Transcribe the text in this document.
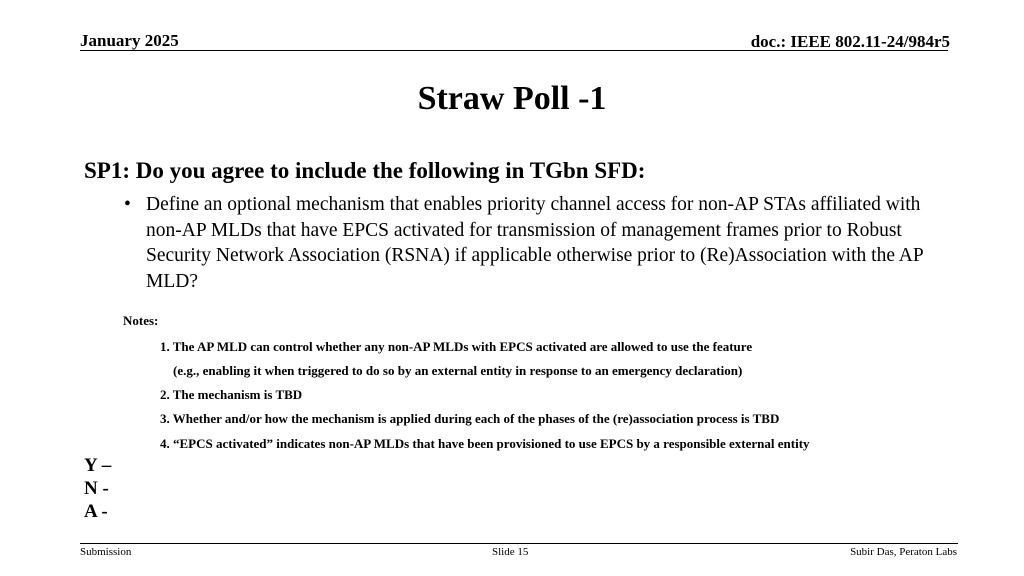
January 2025	doc.: IEEE 802.11-24/984r5
Straw Poll -1
SP1: Do you agree to include the following in TGbn SFD:
• Define an optional mechanism that enables priority channel access for non-AP STAs affiliated with non-AP MLDs that have EPCS activated for transmission of management frames prior to Robust Security Network Association (RSNA) if applicable otherwise prior to (Re)Association with the AP MLD?
Notes:
1. The AP MLD can control whether any non-AP MLDs with EPCS activated are allowed to use the feature
(e.g., enabling it when triggered to do so by an external entity in response to an emergency declaration)
2. The mechanism is TBD
3. Whether and/or how the mechanism is applied during each of the phases of the (re)association process is TBD
4. “EPCS activated” indicates non-AP MLDs that have been provisioned to use EPCS by a responsible external entity
Y –
N -
A -
Submission	Slide 15	Subir Das, Peraton Labs
